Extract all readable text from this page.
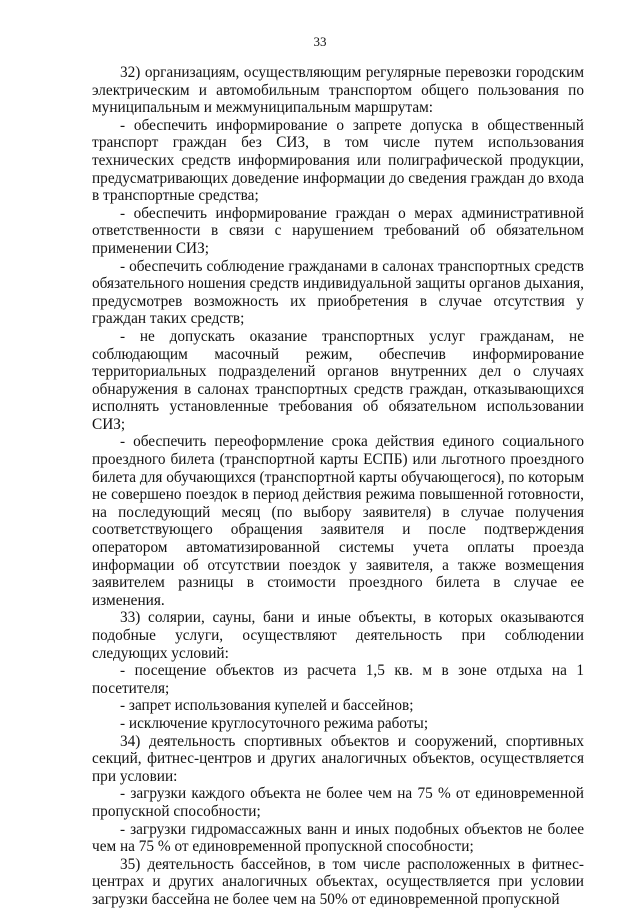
33

32) организациям, осуществляющим регулярные перевозки городским электрическим и автомобильным транспортом общего пользования по муниципальным и межмуниципальным маршрутам:

- обеспечить информирование о запрете допуска в общественный транспорт граждан без СИЗ, в том числе путем использования технических средств информирования или полиграфической продукции, предусматривающих доведение информации до сведения граждан до входа в транспортные средства;

- обеспечить информирование граждан о мерах административной ответственности в связи с нарушением требований об обязательном применении СИЗ;

- обеспечить соблюдение гражданами в салонах транспортных средств обязательного ношения средств индивидуальной защиты органов дыхания, предусмотрев возможность их приобретения в случае отсутствия у граждан таких средств;

- не допускать оказание транспортных услуг гражданам, не соблюдающим масочный режим, обеспечив информирование территориальных подразделений органов внутренних дел о случаях обнаружения в салонах транспортных средств граждан, отказывающихся исполнять установленные требования об обязательном использовании СИЗ;

- обеспечить переоформление срока действия единого социального проездного билета (транспортной карты ЕСПБ) или льготного проездного билета для обучающихся (транспортной карты обучающегося), по которым не совершено поездок в период действия режима повышенной готовности, на последующий месяц (по выбору заявителя) в случае получения соответствующего обращения заявителя и после подтверждения оператором автоматизированной системы учета оплаты проезда информации об отсутствии поездок у заявителя, а также возмещения заявителем разницы в стоимости проездного билета в случае ее изменения.

33) солярии, сауны, бани и иные объекты, в которых оказываются подобные услуги, осуществляют деятельность при соблюдении следующих условий:

- посещение объектов из расчета 1,5 кв. м в зоне отдыха на 1 посетителя;

- запрет использования купелей и бассейнов;

- исключение круглосуточного режима работы;

34) деятельность спортивных объектов и сооружений, спортивных секций, фитнес-центров и других аналогичных объектов, осуществляется при условии:

- загрузки каждого объекта не более чем на 75 % от единовременной пропускной способности;

- загрузки гидромассажных ванн и иных подобных объектов не более чем на 75 % от единовременной пропускной способности;

35) деятельность бассейнов, в том числе расположенных в фитнес-центрах и других аналогичных объектах, осуществляется при условии загрузки бассейна не более чем на 50% от единовременной пропускной
